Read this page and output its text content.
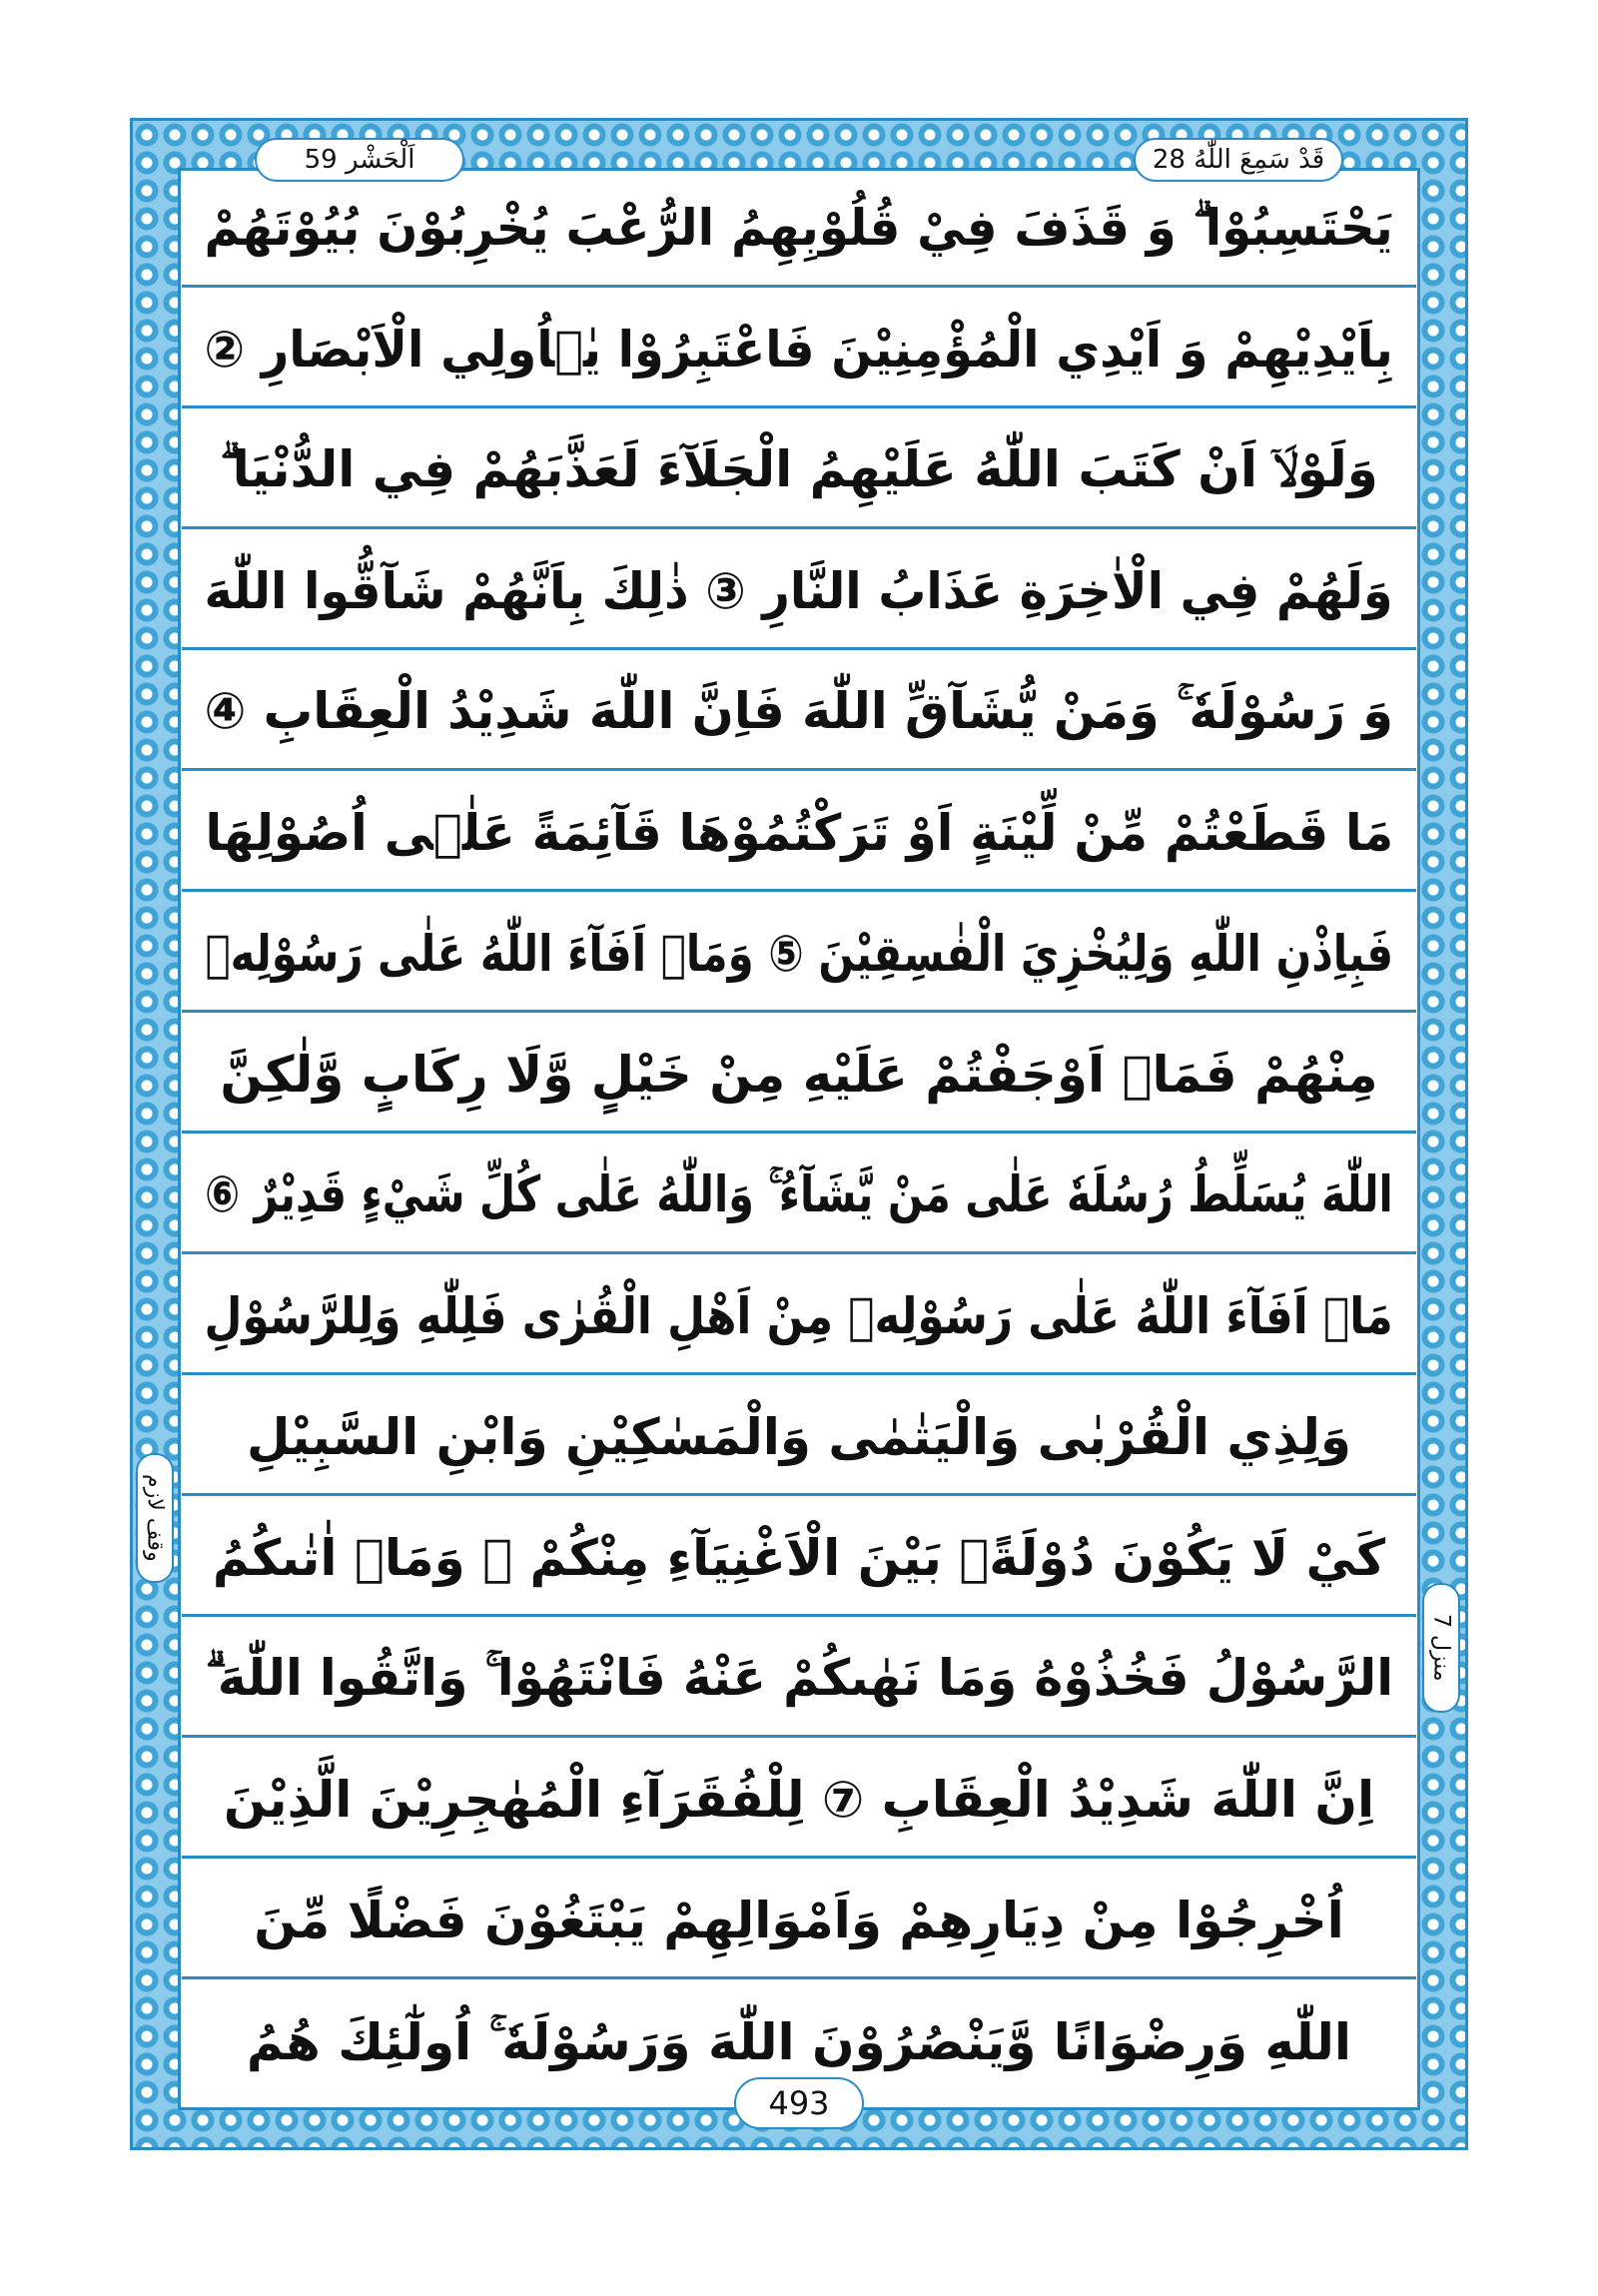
قَدْ سَمِعَ اللّٰهُ 28
اَلْحَشْر 59
يَحْتَسِبُوْا ۗ وَ قَذَفَ فِيْ قُلُوْبِهِمُ الرُّعْبَ يُخْرِبُوْنَ بُيُوْتَهُمْ
بِاَيْدِيْهِمْ وَ اَيْدِي الْمُؤْمِنِيْنَ فَاعْتَبِرُوْا يٰۤاُولِي الْاَبْصَارِ ②
وَلَوْلَاۤ اَنْ كَتَبَ اللّٰهُ عَلَيْهِمُ الْجَلَآءَ لَعَذَّبَهُمْ فِي الدُّنْيَا ۗ
وَلَهُمْ فِي الْاٰخِرَةِ عَذَابُ النَّارِ ③ ذٰلِكَ بِاَنَّهُمْ شَآقُّوا اللّٰهَ
وَ رَسُوْلَهٗ ۚ وَمَنْ يُّشَآقِّ اللّٰهَ فَاِنَّ اللّٰهَ شَدِيْدُ الْعِقَابِ ④
مَا قَطَعْتُمْ مِّنْ لِّيْنَةٍ اَوْ تَرَكْتُمُوْهَا قَآئِمَةً عَلٰۤى اُصُوْلِهَا
فَبِاِذْنِ اللّٰهِ وَلِيُخْزِيَ الْفٰسِقِيْنَ ⑤ وَمَاۤ اَفَآءَ اللّٰهُ عَلٰى رَسُوْلِهٖ
مِنْهُمْ فَمَاۤ اَوْجَفْتُمْ عَلَيْهِ مِنْ خَيْلٍ وَّلَا رِكَابٍ وَّلٰكِنَّ
اللّٰهَ يُسَلِّطُ رُسُلَهٗ عَلٰى مَنْ يَّشَآءُ ۚ وَاللّٰهُ عَلٰى كُلِّ شَيْءٍ قَدِيْرٌ ⑥
مَاۤ اَفَآءَ اللّٰهُ عَلٰى رَسُوْلِهٖ مِنْ اَهْلِ الْقُرٰى فَلِلّٰهِ وَلِلرَّسُوْلِ
وَلِذِي الْقُرْبٰى وَالْيَتٰمٰى وَالْمَسٰكِيْنِ وَابْنِ السَّبِيْلِ
كَيْ لَا يَكُوْنَ دُوْلَةًۢ بَيْنَ الْاَغْنِيَآءِ مِنْكُمْ ۚ وَمَاۤ اٰتٰىكُمُ
الرَّسُوْلُ فَخُذُوْهُ وَمَا نَهٰىكُمْ عَنْهُ فَانْتَهُوْا ۚ وَاتَّقُوا اللّٰهَ ۗ
اِنَّ اللّٰهَ شَدِيْدُ الْعِقَابِ ⑦ لِلْفُقَرَآءِ الْمُهٰجِرِيْنَ الَّذِيْنَ
اُخْرِجُوْا مِنْ دِيَارِهِمْ وَاَمْوَالِهِمْ يَبْتَغُوْنَ فَضْلًا مِّنَ
اللّٰهِ وَرِضْوَانًا وَّيَنْصُرُوْنَ اللّٰهَ وَرَسُوْلَهٗ ۚ اُولٰٓئِكَ هُمُ
وقف لازم
منزل 7
493
